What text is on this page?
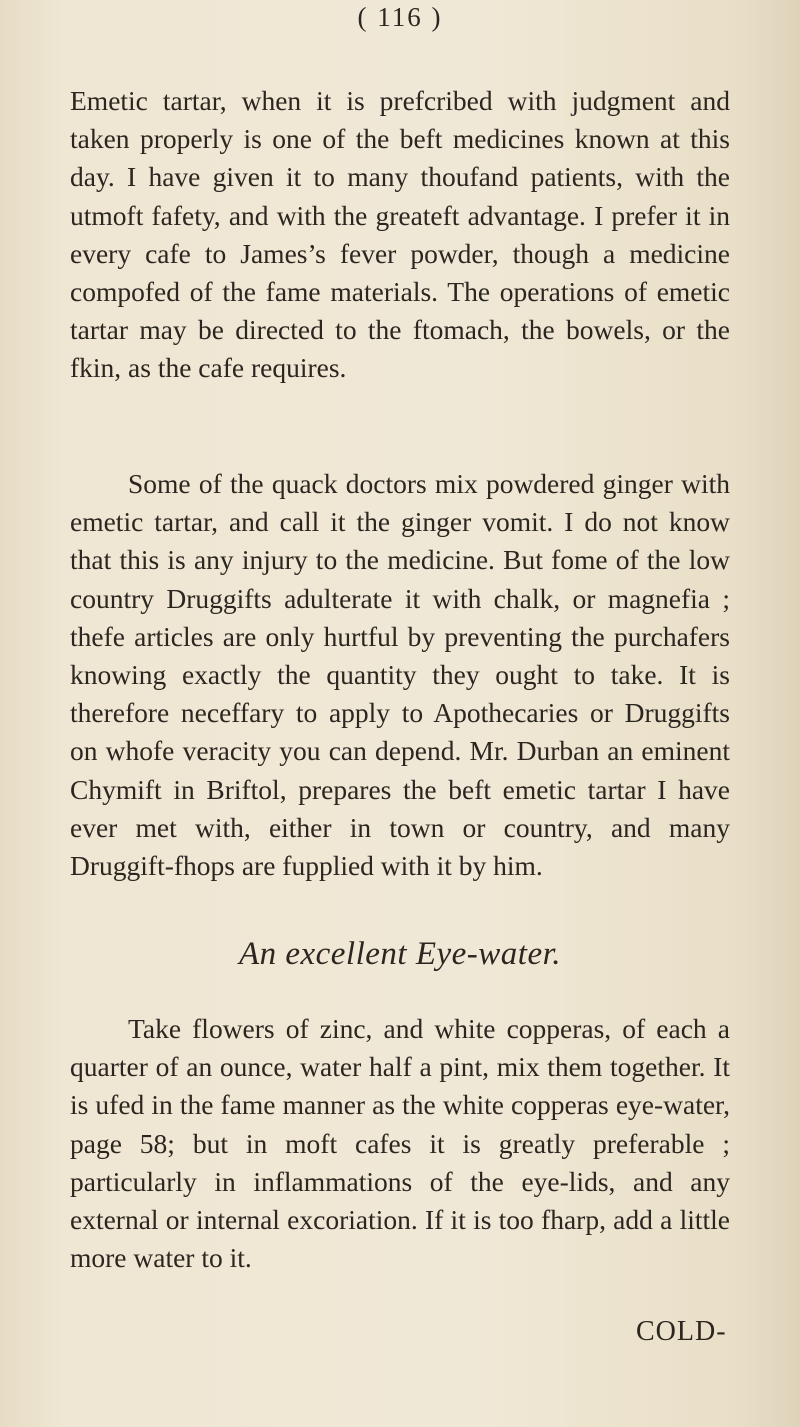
( 116 )

Emetic tartar, when it is prefcribed with judgment and taken properly is one of the beft medicines known at this day. I have given it to many thoufand patients, with the utmoft fafety, and with the greateft advantage. I prefer it in every cafe to James’s fever powder, though a medicine compofed of the fame materials. The operations of emetic tartar may be directed to the ftomach, the bowels, or the fkin, as the cafe requires.

Some of the quack doctors mix powdered ginger with emetic tartar, and call it the ginger vomit. I do not know that this is any injury to the medicine. But fome of the low country Druggifts adulterate it with chalk, or magnefia ; thefe articles are only hurtful by preventing the purchafers knowing exactly the quantity they ought to take. It is therefore neceffary to apply to Apothecaries or Druggifts on whofe veracity you can depend. Mr. Durban an eminent Chymift in Briftol, prepares the beft emetic tartar I have ever met with, either in town or country, and many Druggift-fhops are fupplied with it by him.

An excellent Eye-water.

Take flowers of zinc, and white copperas, of each a quarter of an ounce, water half a pint, mix them together. It is ufed in the fame manner as the white copperas eye-water, page 58; but in moft cafes it is greatly preferable ; particularly in inflammations of the eye-lids, and any external or internal excoriation. If it is too fharp, add a little more water to it.

COLD-
